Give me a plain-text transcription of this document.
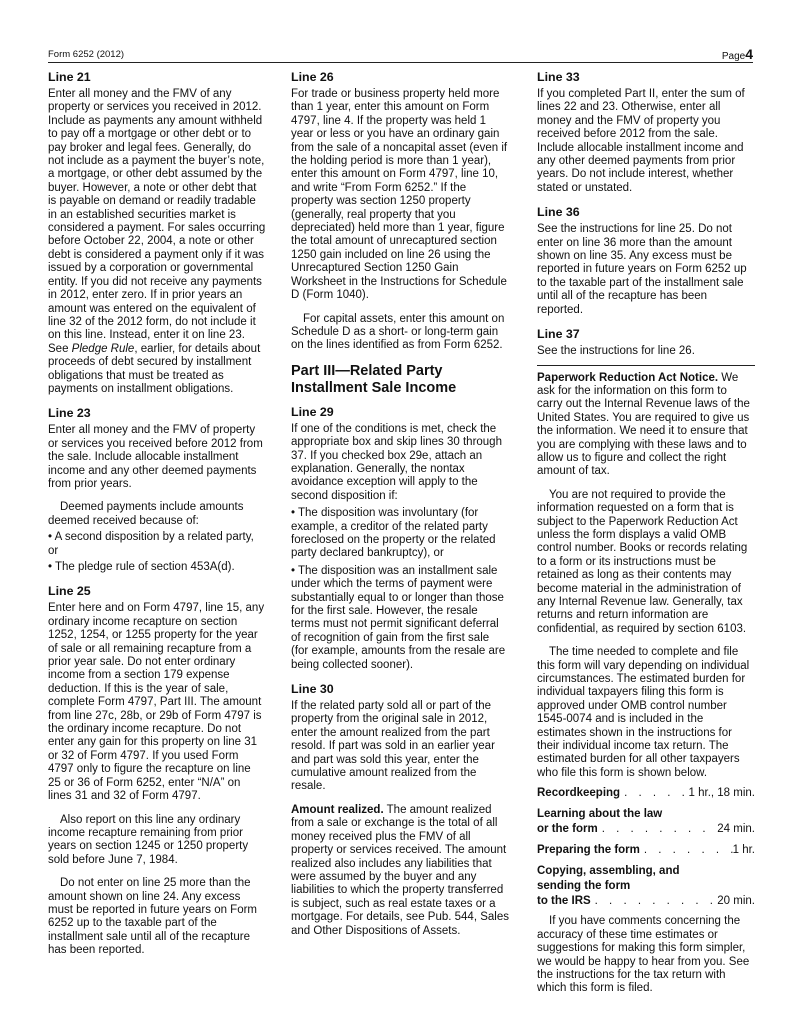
Form 6252 (2012)	Page4
Line 21

Enter all money and the FMV of any property or services you received in 2012. Include as payments any amount withheld to pay off a mortgage or other debt or to pay broker and legal fees. Generally, do not include as a payment the buyer’s note, a mortgage, or other debt assumed by the buyer. However, a note or other debt that is payable on demand or readily tradable in an established securities market is considered a payment. For sales occurring before October 22, 2004, a note or other debt is considered a payment only if it was issued by a corporation or governmental entity. If you did not receive any payments in 2012, enter zero. If in prior years an amount was entered on the equivalent of line 32 of the 2012 form, do not include it on this line. Instead, enter it on line 23. See Pledge Rule, earlier, for details about proceeds of debt secured by installment obligations that must be treated as payments on installment obligations.

Line 23

Enter all money and the FMV of property or services you received before 2012 from the sale. Include allocable installment income and any other deemed payments from prior years.

Deemed payments include amounts deemed received because of:

• A second disposition by a related party, or

• The pledge rule of section 453A(d).

Line 25

Enter here and on Form 4797, line 15, any ordinary income recapture on section 1252, 1254, or 1255 property for the year of sale or all remaining recapture from a prior year sale. Do not enter ordinary income from a section 179 expense deduction. If this is the year of sale, complete Form 4797, Part III. The amount from line 27c, 28b, or 29b of Form 4797 is the ordinary income recapture. Do not enter any gain for this property on line 31 or 32 of Form 4797. If you used Form 4797 only to figure the recapture on line 25 or 36 of Form 6252, enter “N/A” on lines 31 and 32 of Form 4797.

Also report on this line any ordinary income recapture remaining from prior years on section 1245 or 1250 property sold before June 7, 1984.

Do not enter on line 25 more than the amount shown on line 24. Any excess must be reported in future years on Form 6252 up to the taxable part of the installment sale until all of the recapture has been reported.

Line 26

For trade or business property held more than 1 year, enter this amount on Form 4797, line 4. If the property was held 1 year or less or you have an ordinary gain from the sale of a noncapital asset (even if the holding period is more than 1 year), enter this amount on Form 4797, line 10, and write “From Form 6252.” If the property was section 1250 property (generally, real property that you depreciated) held more than 1 year, figure the total amount of unrecaptured section 1250 gain included on line 26 using the Unrecaptured Section 1250 Gain Worksheet in the Instructions for Schedule D (Form 1040).

For capital assets, enter this amount on Schedule D as a short- or long-term gain on the lines identified as from Form 6252.

Part III—Related Party Installment Sale Income
Line 29

If one of the conditions is met, check the appropriate box and skip lines 30 through 37. If you checked box 29e, attach an explanation. Generally, the nontax avoidance exception will apply to the second disposition if:

• The disposition was involuntary (for example, a creditor of the related party foreclosed on the property or the related party declared bankruptcy), or

• The disposition was an installment sale under which the terms of payment were substantially equal to or longer than those for the first sale. However, the resale terms must not permit significant deferral of recognition of gain from the first sale (for example, amounts from the resale are being collected sooner).

Line 30

If the related party sold all or part of the property from the original sale in 2012, enter the amount realized from the part resold. If part was sold in an earlier year and part was sold this year, enter the cumulative amount realized from the resale.

Amount realized. The amount realized from a sale or exchange is the total of all money received plus the FMV of all property or services received. The amount realized also includes any liabilities that were assumed by the buyer and any liabilities to which the property transferred is subject, such as real estate taxes or a mortgage. For details, see Pub. 544, Sales and Other Dispositions of Assets.

Line 33

If you completed Part II, enter the sum of lines 22 and 23. Otherwise, enter all money and the FMV of property you received before 2012 from the sale. Include allocable installment income and any other deemed payments from prior years. Do not include interest, whether stated or unstated.

Line 36

See the instructions for line 25. Do not enter on line 36 more than the amount shown on line 35. Any excess must be reported in future years on Form 6252 up to the taxable part of the installment sale until all of the recapture has been reported.

Line 37

See the instructions for line 26.

Paperwork Reduction Act Notice. We ask for the information on this form to carry out the Internal Revenue laws of the United States. You are required to give us the information. We need it to ensure that you are complying with these laws and to allow us to figure and collect the right amount of tax.

You are not required to provide the information requested on a form that is subject to the Paperwork Reduction Act unless the form displays a valid OMB control number. Books or records relating to a form or its instructions must be retained as long as their contents may become material in the administration of any Internal Revenue law. Generally, tax returns and return information are confidential, as required by section 6103.

The time needed to complete and file this form will vary depending on individual circumstances. The estimated burden for individual taxpayers filing this form is approved under OMB control number 1545-0074 and is included in the estimates shown in the instructions for their individual income tax return. The estimated burden for all other taxpayers who file this form is shown below.

Recordkeeping . . .	1 hr., 18 min.

Learning about the law

or the form . . .	24 min.
Preparing the form . . .	1 hr.

Copying, assembling, and

sending the form

to the IRS . . .	20 min.

If you have comments concerning the accuracy of these time estimates or suggestions for making this form simpler, we would be happy to hear from you. See the instructions for the tax return with which this form is filed.
